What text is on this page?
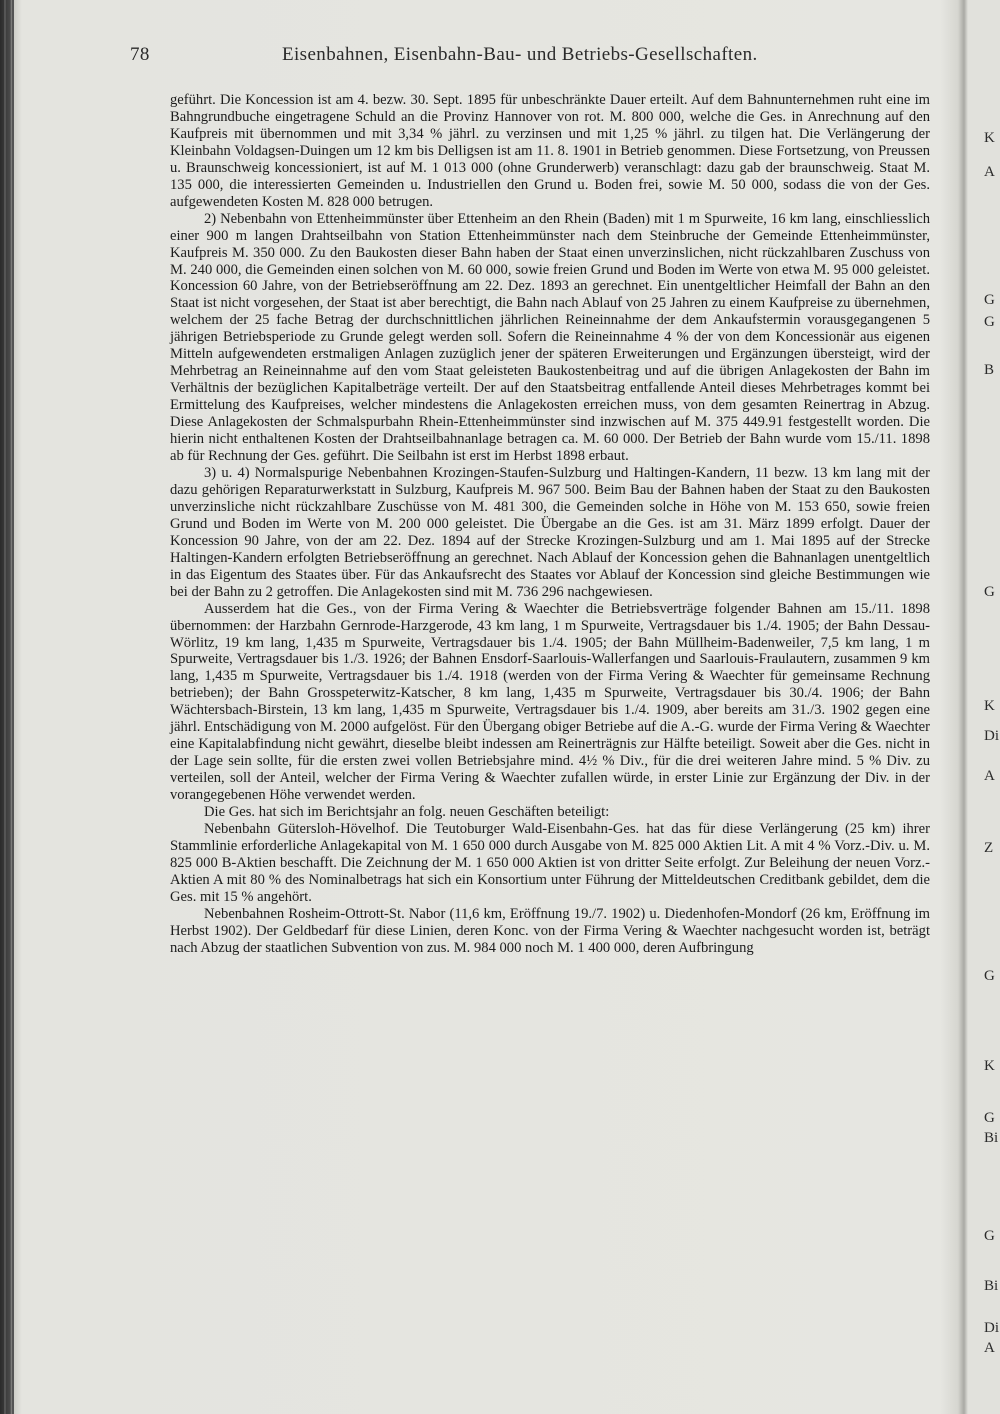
78	Eisenbahnen, Eisenbahn-Bau- und Betriebs-Gesellschaften.

geführt. Die Koncession ist am 4. bezw. 30. Sept. 1895 für unbeschränkte Dauer erteilt. Auf dem Bahnunternehmen ruht eine im Bahngrundbuche eingetragene Schuld an die Provinz Hannover von rot. M. 800 000, welche die Ges. in Anrechnung auf den Kaufpreis mit übernommen und mit 3,34 % jährl. zu verzinsen und mit 1,25 % jährl. zu tilgen hat. Die Verlängerung der Kleinbahn Voldagsen-Duingen um 12 km bis Delligsen ist am 11. 8. 1901 in Betrieb genommen. Diese Fortsetzung, von Preussen u. Braunschweig koncessioniert, ist auf M. 1 013 000 (ohne Grunderwerb) veranschlagt: dazu gab der braunschweig. Staat M. 135 000, die interessierten Gemeinden u. Industriellen den Grund u. Boden frei, sowie M. 50 000, sodass die von der Ges. aufgewendeten Kosten M. 828 000 betrugen.

2) Nebenbahn von Ettenheimmünster über Ettenheim an den Rhein (Baden) mit 1 m Spurweite, 16 km lang, einschliesslich einer 900 m langen Drahtseilbahn von Station Ettenheimmünster nach dem Steinbruche der Gemeinde Ettenheimmünster, Kaufpreis M. 350 000. Zu den Baukosten dieser Bahn haben der Staat einen unverzinslichen, nicht rückzahlbaren Zuschuss von M. 240 000, die Gemeinden einen solchen von M. 60 000, sowie freien Grund und Boden im Werte von etwa M. 95 000 geleistet. Koncession 60 Jahre, von der Betriebseröffnung am 22. Dez. 1893 an gerechnet. Ein unentgeltlicher Heimfall der Bahn an den Staat ist nicht vorgesehen, der Staat ist aber berechtigt, die Bahn nach Ablauf von 25 Jahren zu einem Kaufpreise zu übernehmen, welchem der 25 fache Betrag der durchschnittlichen jährlichen Reineinnahme der dem Ankaufstermin vorausgegangenen 5 jährigen Betriebsperiode zu Grunde gelegt werden soll. Sofern die Reineinnahme 4 % der von dem Koncessionär aus eigenen Mitteln aufgewendeten erstmaligen Anlagen zuzüglich jener der späteren Erweiterungen und Ergänzungen übersteigt, wird der Mehrbetrag an Reineinnahme auf den vom Staat geleisteten Baukostenbeitrag und auf die übrigen Anlagekosten der Bahn im Verhältnis der bezüglichen Kapitalbeträge verteilt. Der auf den Staatsbeitrag entfallende Anteil dieses Mehrbetrages kommt bei Ermittelung des Kaufpreises, welcher mindestens die Anlagekosten erreichen muss, von dem gesamten Reinertrag in Abzug. Diese Anlagekosten der Schmalspurbahn Rhein-Ettenheimmünster sind inzwischen auf M. 375 449.91 festgestellt worden. Die hierin nicht enthaltenen Kosten der Drahtseilbahnanlage betragen ca. M. 60 000. Der Betrieb der Bahn wurde vom 15./11. 1898 ab für Rechnung der Ges. geführt. Die Seilbahn ist erst im Herbst 1898 erbaut.

3) u. 4) Normalspurige Nebenbahnen Krozingen-Staufen-Sulzburg und Haltingen-Kandern, 11 bezw. 13 km lang mit der dazu gehörigen Reparaturwerkstatt in Sulzburg, Kaufpreis M. 967 500. Beim Bau der Bahnen haben der Staat zu den Baukosten unverzinsliche nicht rückzahlbare Zuschüsse von M. 481 300, die Gemeinden solche in Höhe von M. 153 650, sowie freien Grund und Boden im Werte von M. 200 000 geleistet. Die Übergabe an die Ges. ist am 31. März 1899 erfolgt. Dauer der Koncession 90 Jahre, von der am 22. Dez. 1894 auf der Strecke Krozingen-Sulzburg und am 1. Mai 1895 auf der Strecke Haltingen-Kandern erfolgten Betriebseröffnung an gerechnet. Nach Ablauf der Koncession gehen die Bahnanlagen unentgeltlich in das Eigentum des Staates über. Für das Ankaufsrecht des Staates vor Ablauf der Koncession sind gleiche Bestimmungen wie bei der Bahn zu 2 getroffen. Die Anlagekosten sind mit M. 736 296 nachgewiesen.

Ausserdem hat die Ges., von der Firma Vering & Waechter die Betriebsverträge folgender Bahnen am 15./11. 1898 übernommen: der Harzbahn Gernrode-Harzgerode, 43 km lang, 1 m Spurweite, Vertragsdauer bis 1./4. 1905; der Bahn Dessau-Wörlitz, 19 km lang, 1,435 m Spurweite, Vertragsdauer bis 1./4. 1905; der Bahn Müllheim-Badenweiler, 7,5 km lang, 1 m Spurweite, Vertragsdauer bis 1./3. 1926; der Bahnen Ensdorf-Saarlouis-Wallerfangen und Saarlouis-Fraulautern, zusammen 9 km lang, 1,435 m Spurweite, Vertragsdauer bis 1./4. 1918 (werden von der Firma Vering & Waechter für gemeinsame Rechnung betrieben); der Bahn Grosspeterwitz-Katscher, 8 km lang, 1,435 m Spurweite, Vertragsdauer bis 30./4. 1906; der Bahn Wächtersbach-Birstein, 13 km lang, 1,435 m Spurweite, Vertragsdauer bis 1./4. 1909, aber bereits am 31./3. 1902 gegen eine jährl. Entschädigung von M. 2000 aufgelöst. Für den Übergang obiger Betriebe auf die A.-G. wurde der Firma Vering & Waechter eine Kapitalabfindung nicht gewährt, dieselbe bleibt indessen am Reinerträgnis zur Hälfte beteiligt. Soweit aber die Ges. nicht in der Lage sein sollte, für die ersten zwei vollen Betriebsjahre mind. 4½ % Div., für die drei weiteren Jahre mind. 5 % Div. zu verteilen, soll der Anteil, welcher der Firma Vering & Waechter zufallen würde, in erster Linie zur Ergänzung der Div. in der vorangegebenen Höhe verwendet werden.

Die Ges. hat sich im Berichtsjahr an folg. neuen Geschäften beteiligt:

Nebenbahn Gütersloh-Hövelhof. Die Teutoburger Wald-Eisenbahn-Ges. hat das für diese Verlängerung (25 km) ihrer Stammlinie erforderliche Anlagekapital von M. 1 650 000 durch Ausgabe von M. 825 000 Aktien Lit. A mit 4 % Vorz.-Div. u. M. 825 000 B-Aktien beschafft. Die Zeichnung der M. 1 650 000 Aktien ist von dritter Seite erfolgt. Zur Beleihung der neuen Vorz.-Aktien A mit 80 % des Nominalbetrags hat sich ein Konsortium unter Führung der Mitteldeutschen Creditbank gebildet, dem die Ges. mit 15 % angehört.

Nebenbahnen Rosheim-Ottrott-St. Nabor (11,6 km, Eröffnung 19./7. 1902) u. Diedenhofen-Mondorf (26 km, Eröffnung im Herbst 1902). Der Geldbedarf für diese Linien, deren Konc. von der Firma Vering & Waechter nachgesucht worden ist, beträgt nach Abzug der staatlichen Subvention von zus. M. 984 000 noch M. 1 400 000, deren Aufbringung

K
A
G
G
B
G
K
Di
A
Z
G
K
G
Bi
G
Bi
Di
A
